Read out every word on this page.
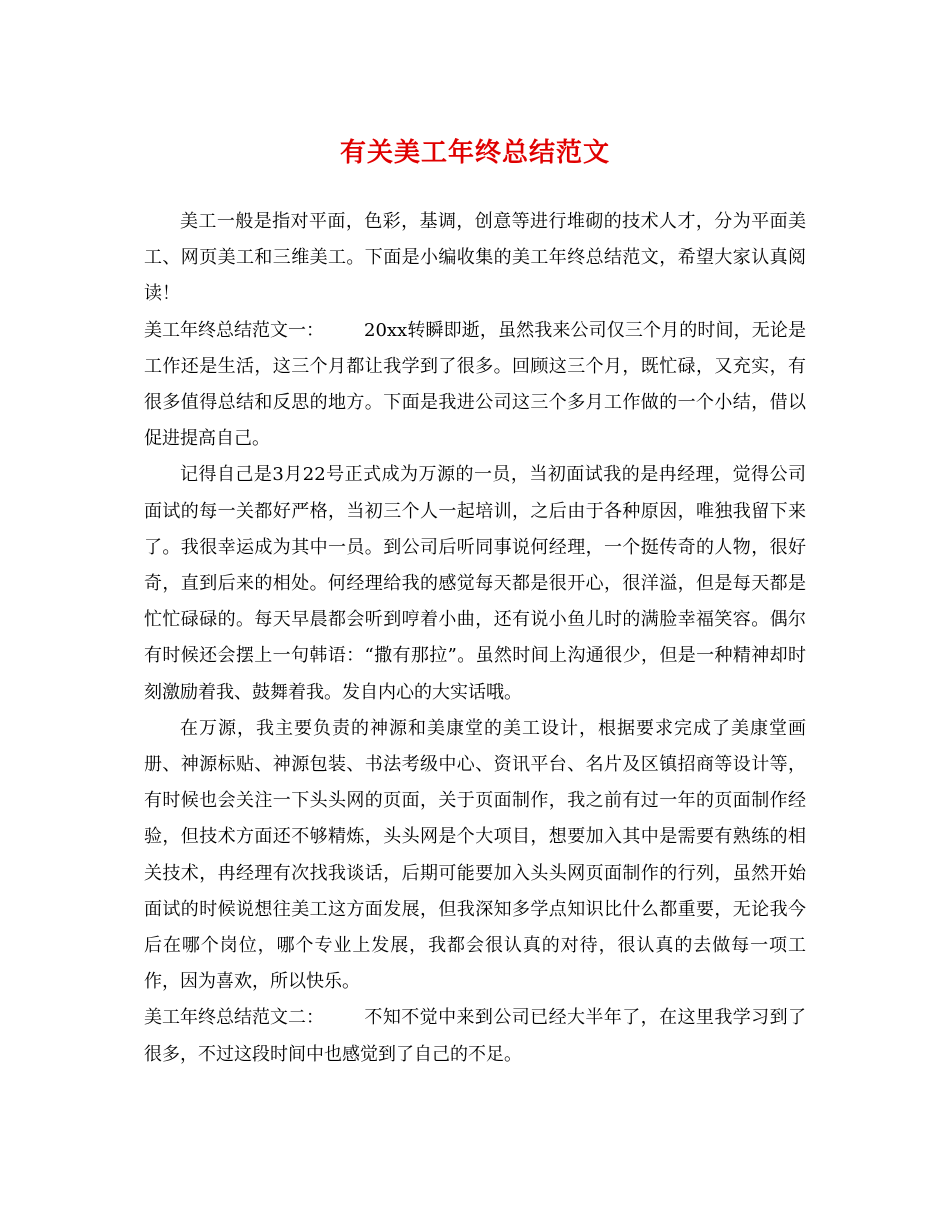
有关美工年终总结范文

美工一般是指对平面，色彩，基调，创意等进行堆砌的技术人才，分为平面美工、网页美工和三维美工。下面是小编收集的美工年终总结范文，希望大家认真阅读！

美工年终总结范文一： 20xx转瞬即逝，虽然我来公司仅三个月的时间，无论是工作还是生活，这三个月都让我学到了很多。回顾这三个月，既忙碌，又充实，有很多值得总结和反思的地方。下面是我进公司这三个多月工作做的一个小结，借以促进提高自己。

记得自己是3月22号正式成为万源的一员，当初面试我的是冉经理，觉得公司面试的每一关都好严格，当初三个人一起培训，之后由于各种原因，唯独我留下来了。我很幸运成为其中一员。到公司后听同事说何经理，一个挺传奇的人物，很好奇，直到后来的相处。何经理给我的感觉每天都是很开心，很洋溢，但是每天都是忙忙碌碌的。每天早晨都会听到哼着小曲，还有说小鱼儿时的满脸幸福笑容。偶尔有时候还会摆上一句韩语：“撒有那拉”。虽然时间上沟通很少，但是一种精神却时刻激励着我、鼓舞着我。发自内心的大实话哦。

在万源，我主要负责的神源和美康堂的美工设计，根据要求完成了美康堂画册、神源标贴、神源包装、书法考级中心、资讯平台、名片及区镇招商等设计等，有时候也会关注一下头头网的页面，关于页面制作，我之前有过一年的页面制作经验，但技术方面还不够精炼，头头网是个大项目，想要加入其中是需要有熟练的相关技术，冉经理有次找我谈话，后期可能要加入头头网页面制作的行列，虽然开始面试的时候说想往美工这方面发展，但我深知多学点知识比什么都重要，无论我今后在哪个岗位，哪个专业上发展，我都会很认真的对待，很认真的去做每一项工作，因为喜欢，所以快乐。

美工年终总结范文二： 不知不觉中来到公司已经大半年了，在这里我学习到了很多，不过这段时间中也感觉到了自己的不足。
